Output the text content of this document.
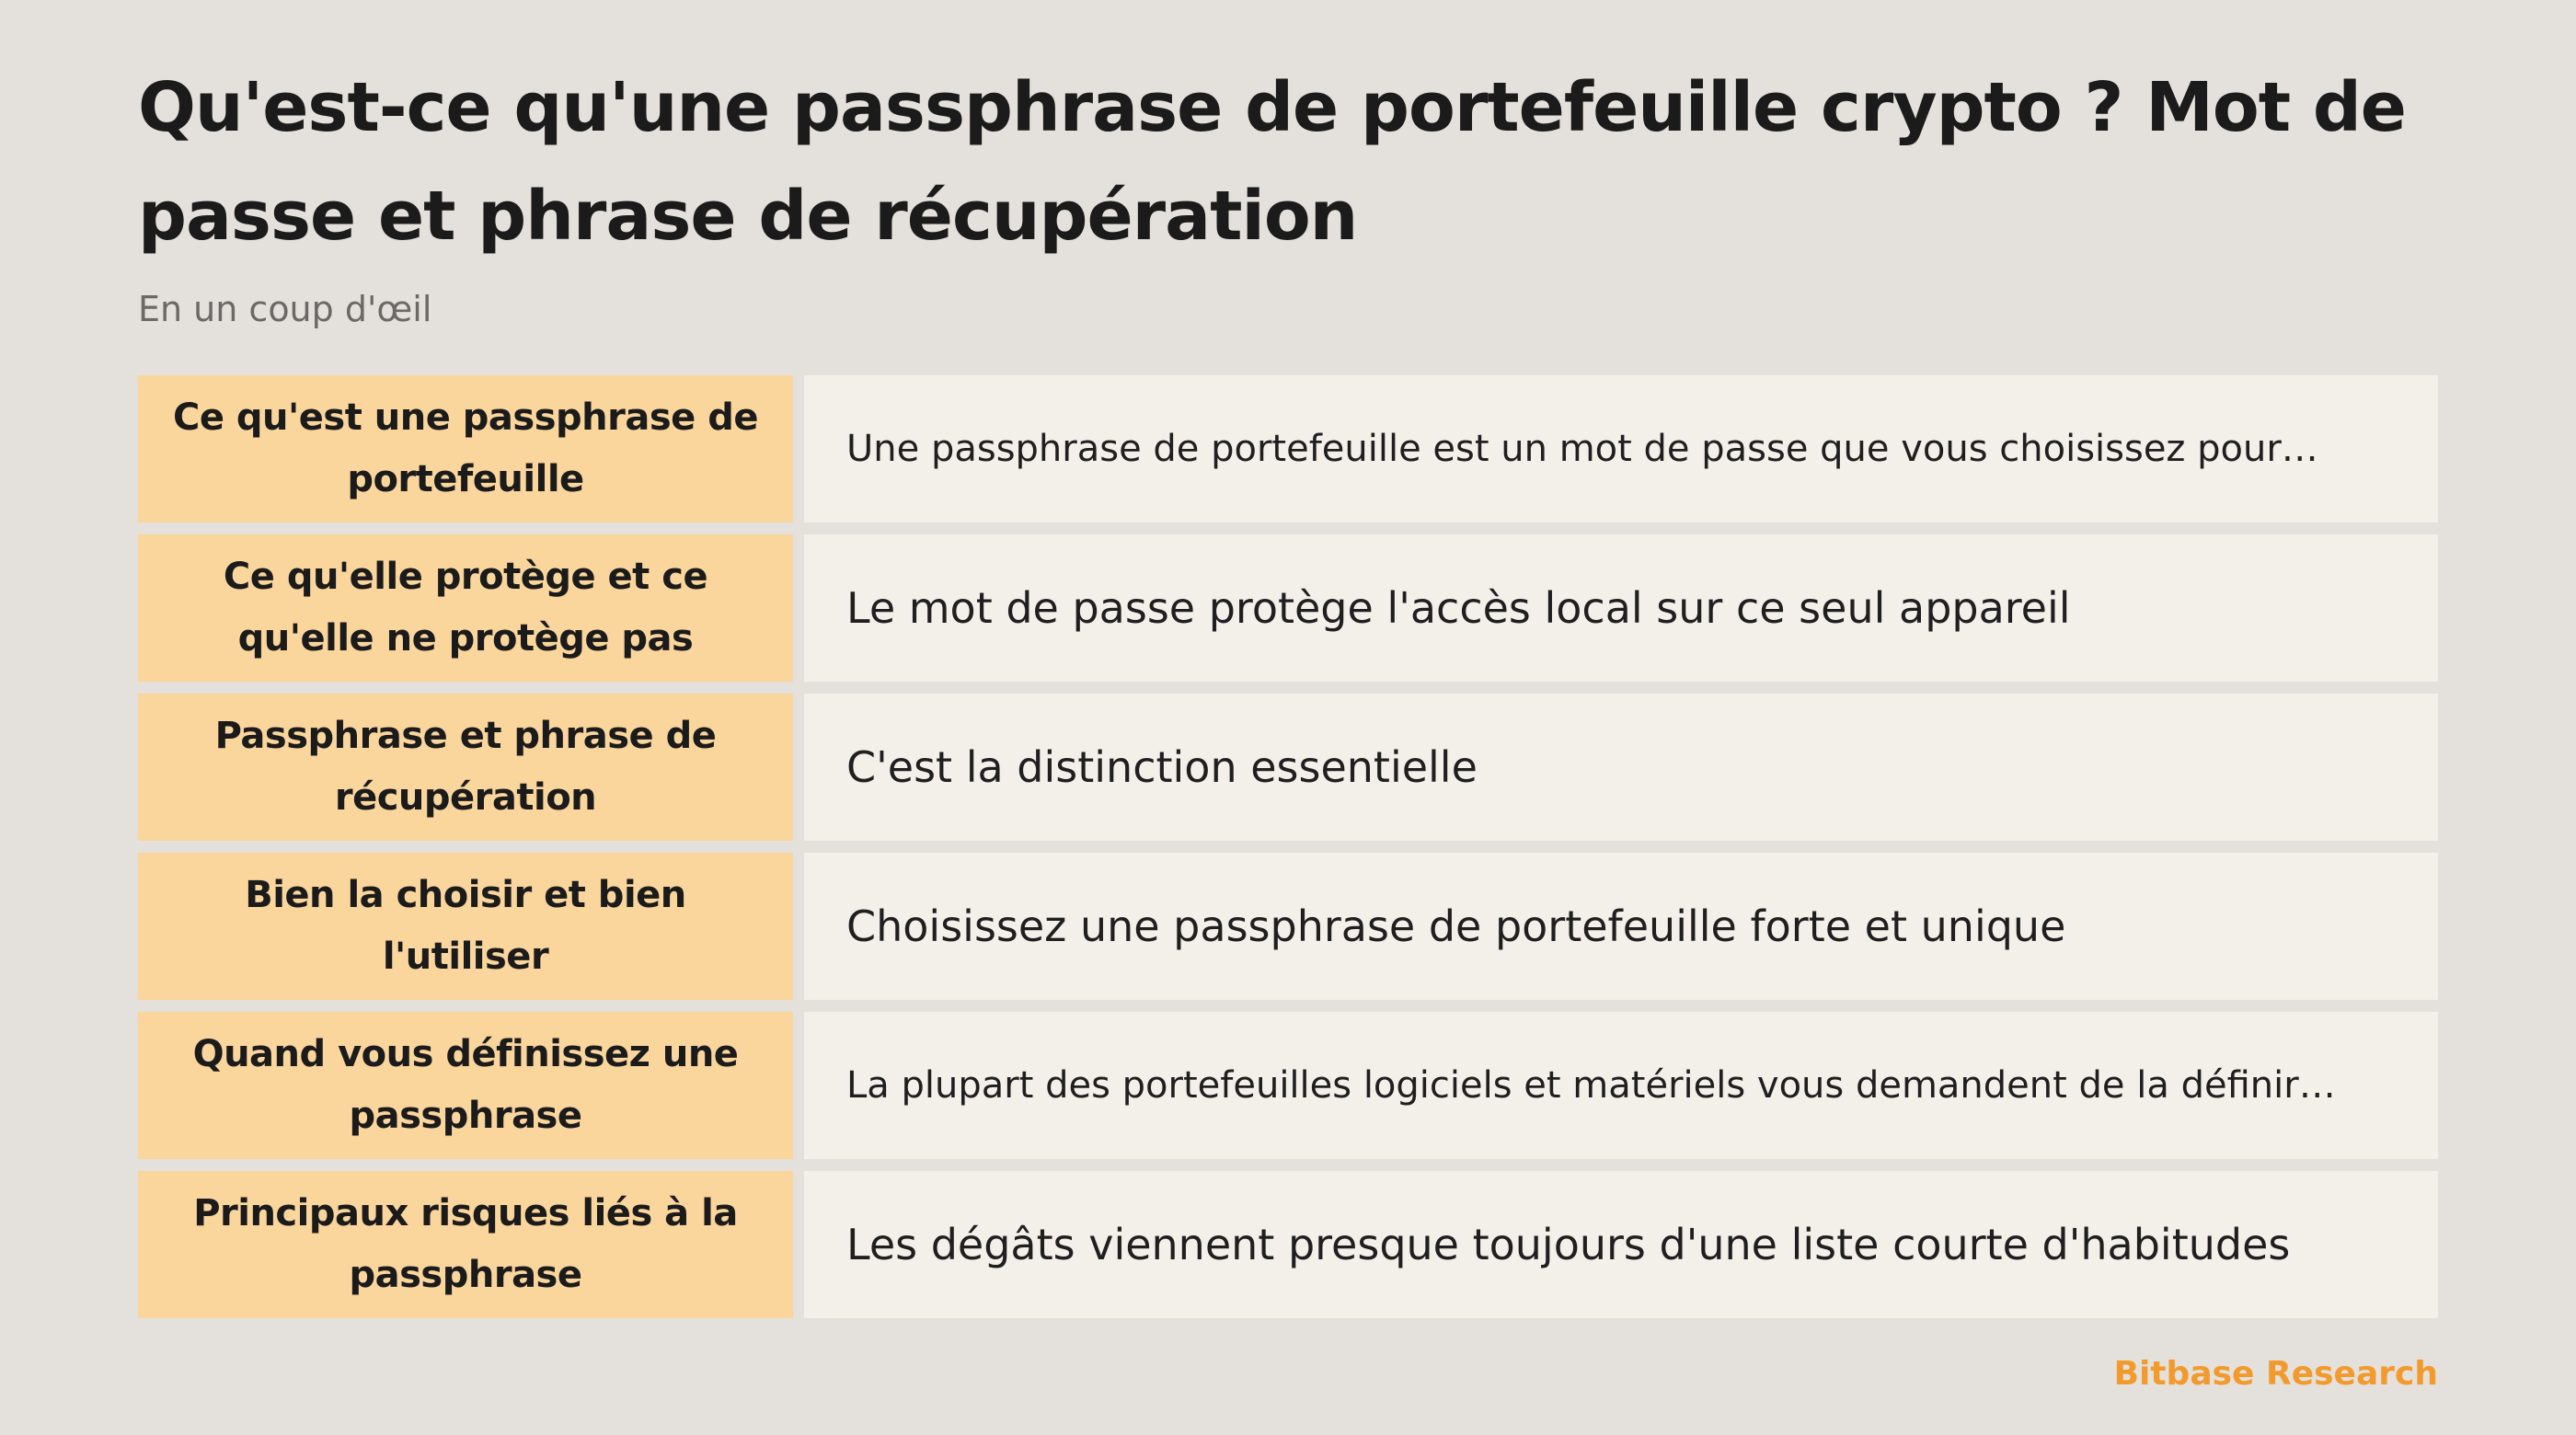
Qu'est-ce qu'une passphrase de portefeuille crypto ? Mot de passe et phrase de récupération

En un coup d'œil

Ce qu'est une passphrase de portefeuille
Une passphrase de portefeuille est un mot de passe que vous choisissez pour…
Ce qu'elle protège et ce qu'elle ne protège pas
Le mot de passe protège l'accès local sur ce seul appareil
Passphrase et phrase de récupération
C'est la distinction essentielle
Bien la choisir et bien l'utiliser
Choisissez une passphrase de portefeuille forte et unique
Quand vous définissez une passphrase
La plupart des portefeuilles logiciels et matériels vous demandent de la définir…
Principaux risques liés à la passphrase
Les dégâts viennent presque toujours d'une liste courte d'habitudes

Bitbase Research
